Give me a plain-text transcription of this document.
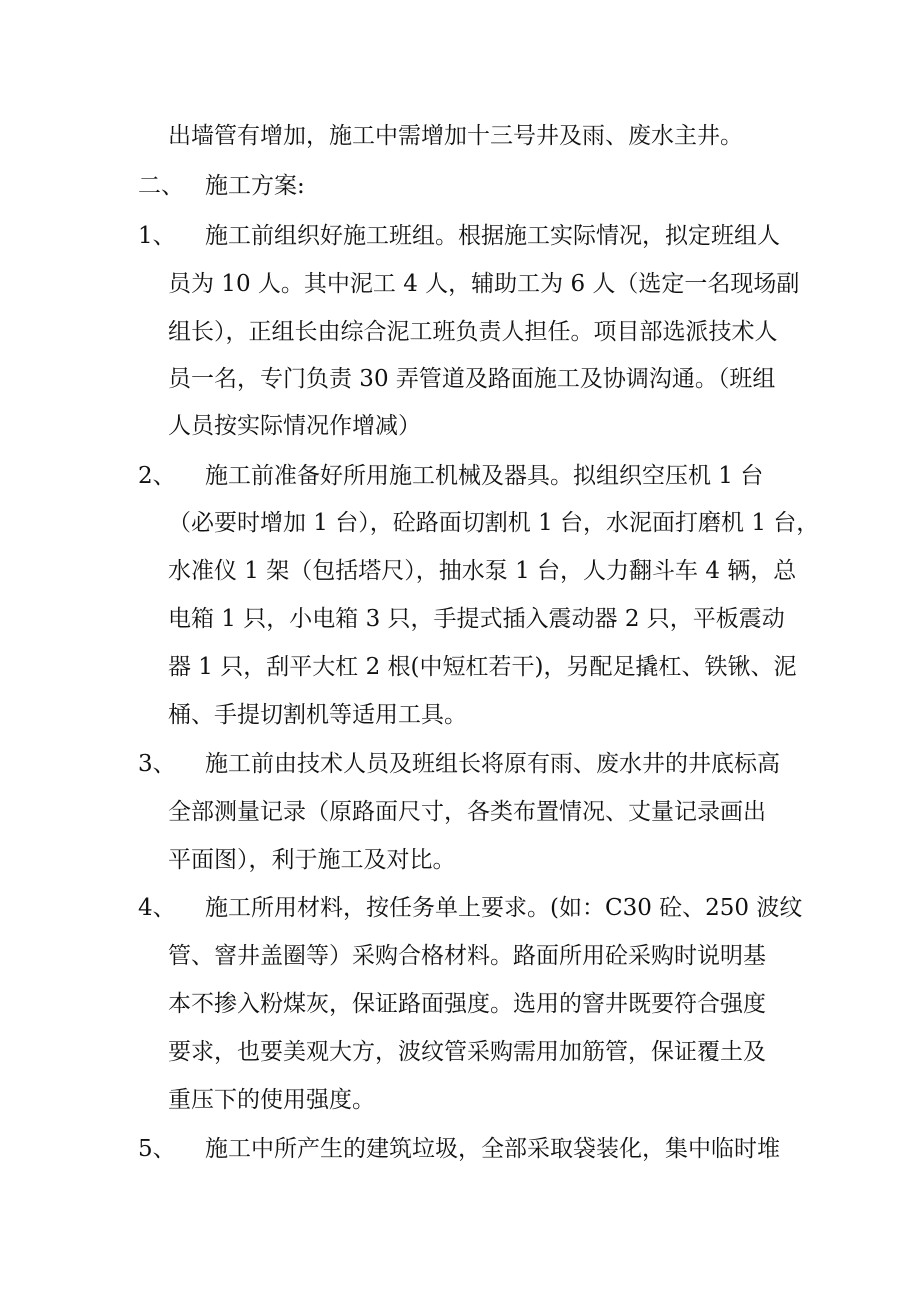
出墙管有增加，施工中需增加十三号井及雨、废水主井。
二、 施工方案:
1、 施工前组织好施工班组。根据施工实际情况，拟定班组人
员为 10 人。其中泥工 4 人，辅助工为 6 人（选定一名现场副
组长），正组长由综合泥工班负责人担任。项目部选派技术人
员一名，专门负责 30 弄管道及路面施工及协调沟通。（班组
人员按实际情况作增减）
2、 施工前准备好所用施工机械及器具。拟组织空压机 1 台
（必要时增加 1 台），砼路面切割机 1 台，水泥面打磨机 1 台，
水准仪 1 架（包括塔尺），抽水泵 1 台，人力翻斗车 4 辆，总
电箱 1 只，小电箱 3 只，手提式插入震动器 2 只，平板震动
器 1 只，刮平大杠 2 根(中短杠若干)，另配足撬杠、铁锹、泥
桶、手提切割机等适用工具。
3、 施工前由技术人员及班组长将原有雨、废水井的井底标高
全部测量记录（原路面尺寸，各类布置情况、丈量记录画出
平面图），利于施工及对比。
4、 施工所用材料，按任务单上要求。(如：C30 砼、250 波纹
管、窨井盖圈等）采购合格材料。路面所用砼采购时说明基
本不掺入粉煤灰，保证路面强度。选用的窨井既要符合强度
要求，也要美观大方，波纹管采购需用加筋管，保证覆土及
重压下的使用强度。
5、 施工中所产生的建筑垃圾，全部采取袋装化，集中临时堆
